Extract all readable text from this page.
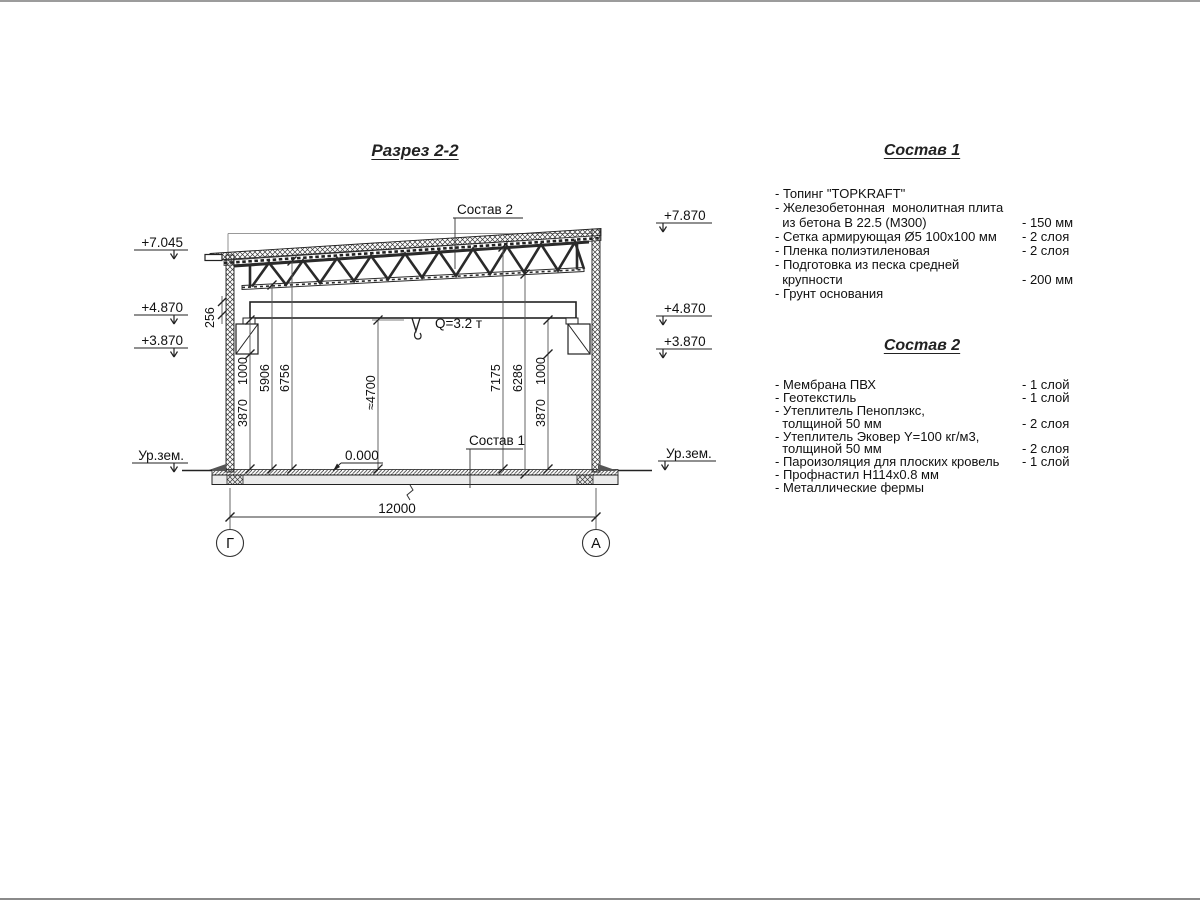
Разрез 2-2
1000
3870
5906 6756	≈4700	7175 6286 1000
3870
256
+7.045
+4.870
+3.870
Ур.зем.
+7.870
+4.870
+3.870
Ур.зем.
Состав 2
Состав 1
0.000
Q=3.2 т
12000
Г	А
Состав 1
- Топинг "TOPKRAFT"
- Железобетонная  монолитная плита
из бетона В 22.5 (М300)	- 150 мм
- Сетка армирующая Ø5 100х100 мм - 2 слоя
- Пленка полиэтиленовая	- 2 слоя
- Подготовка из песка средней
крупности	- 200 мм
- Грунт основания
Состав 2
- Мембрана ПВХ	- 1 слой
- Геотекстиль	- 1 слой
- Утеплитель Пеноплэкс,
толщиной 50 мм	- 2 слоя
- Утеплитель Эковер Y=100 кг/м3,
толщиной 50 мм	- 2 слоя
- Пароизоляция для плоских кровель - 1 слой
- Профнастил Н114х0.8 мм
- Металлические фермы
